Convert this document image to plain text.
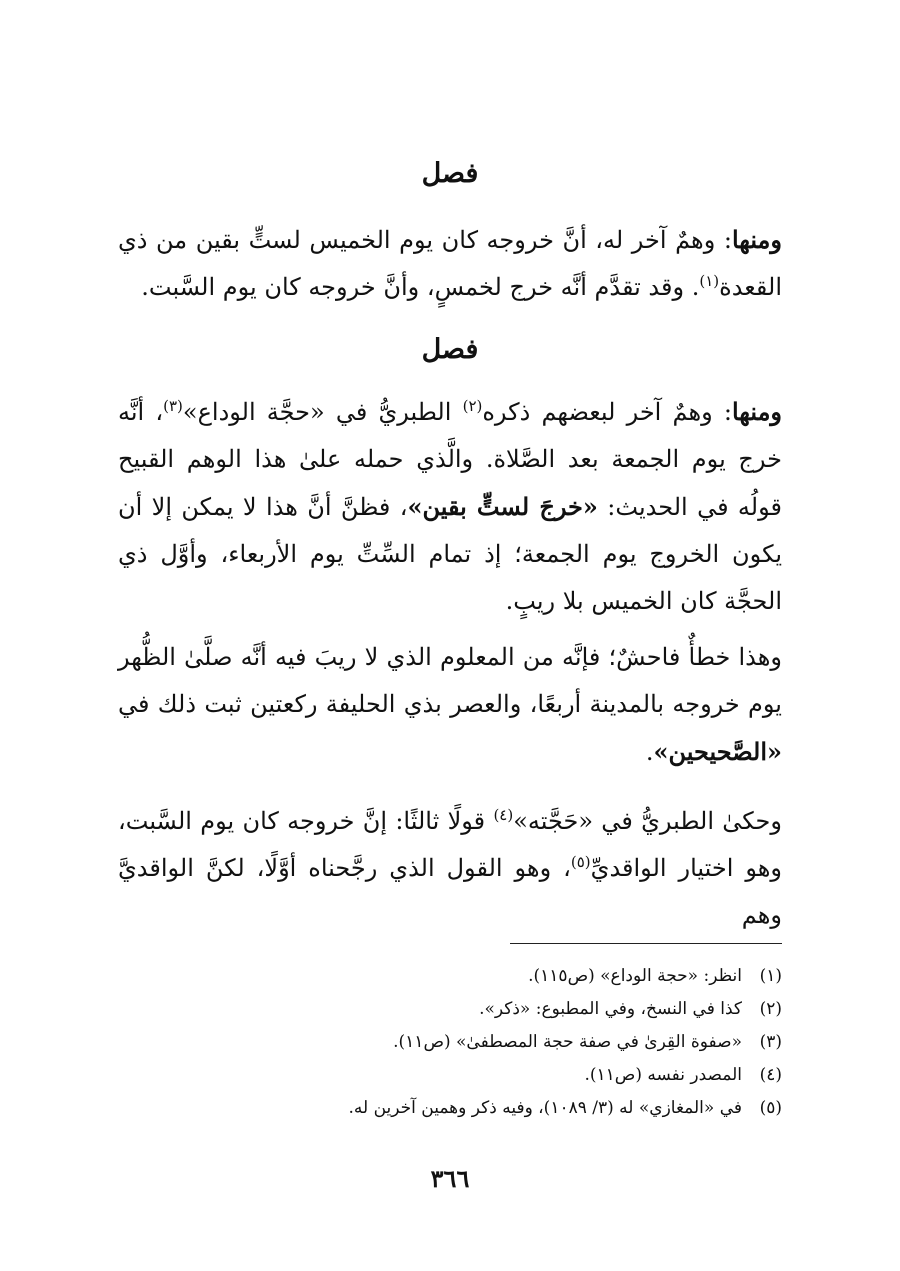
فصل

ومنها: وهمٌ آخر له، أنَّ خروجه كان يوم الخميس لستٍّ بقين من ذي القعدة$^{(١)}$. وقد تقدَّم أنَّه خرج لخمسٍ، وأنَّ خروجه كان يوم السَّبت.

فصل

ومنها: وهمٌ آخر لبعضهم ذكره$^{(٢)}$ الطبريُّ في «حجَّة الوداع»$^{(٣)}$، أنَّه خرج يوم الجمعة بعد الصَّلاة. والَّذي حمله علىٰ هذا الوهم القبيح قولُه في الحديث: «خرجَ لستٍّ بقين»، فظنَّ أنَّ هذا لا يمكن إلا أن يكون الخروج يوم الجمعة؛ إذ تمام السِّتِّ يوم الأربعاء، وأوَّل ذي الحجَّة كان الخميس بلا ريبٍ.

وهذا خطأٌ فاحشٌ؛ فإنَّه من المعلوم الذي لا ريبَ فيه أنَّه صلَّىٰ الظُّهر يوم خروجه بالمدينة أربعًا، والعصر بذي الحليفة ركعتين ثبت ذلك في «الصَّحيحين».

وحكىٰ الطبريُّ في «حَجَّته»$^{(٤)}$ قولًا ثالثًا: إنَّ خروجه كان يوم السَّبت، وهو اختيار الواقديِّ$^{(٥)}$، وهو القول الذي رجَّحناه أوَّلًا، لكنَّ الواقديَّ وهم

(١)انظر: «حجة الوداع» (ص١١٥).
(٢)كذا في النسخ، وفي المطبوع: «ذكر».
(٣)«صفوة القِرىٰ في صفة حجة المصطفىٰ» (ص١١).
(٤)المصدر نفسه (ص١١).
(٥)في «المغازي» له (٣/ ١٠٨٩)، وفيه ذكر وهمين آخرين له.
٣٦٦
